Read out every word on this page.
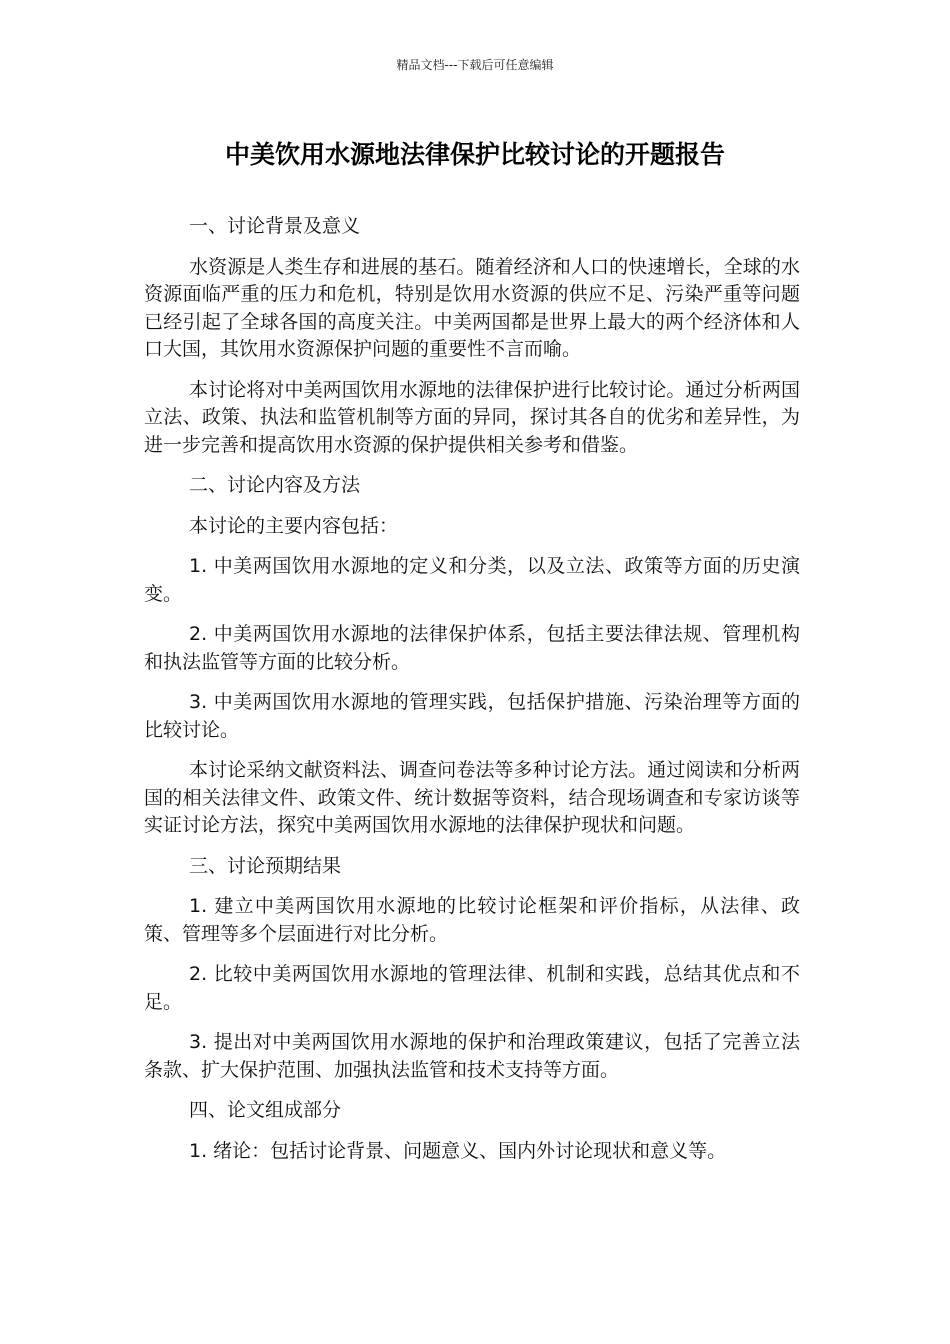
精品文档---下载后可任意编辑
中美饮用水源地法律保护比较讨论的开题报告

一、讨论背景及意义

水资源是人类生存和进展的基石。随着经济和人口的快速增长，全球的水资源面临严重的压力和危机，特别是饮用水资源的供应不足、污染严重等问题已经引起了全球各国的高度关注。中美两国都是世界上最大的两个经济体和人口大国，其饮用水资源保护问题的重要性不言而喻。

本讨论将对中美两国饮用水源地的法律保护进行比较讨论。通过分析两国立法、政策、执法和监管机制等方面的异同，探讨其各自的优劣和差异性，为进一步完善和提高饮用水资源的保护提供相关参考和借鉴。

二、讨论内容及方法

本讨论的主要内容包括：

1. 中美两国饮用水源地的定义和分类，以及立法、政策等方面的历史演变。

2. 中美两国饮用水源地的法律保护体系，包括主要法律法规、管理机构和执法监管等方面的比较分析。

3. 中美两国饮用水源地的管理实践，包括保护措施、污染治理等方面的比较讨论。

本讨论采纳文献资料法、调查问卷法等多种讨论方法。通过阅读和分析两国的相关法律文件、政策文件、统计数据等资料，结合现场调查和专家访谈等实证讨论方法，探究中美两国饮用水源地的法律保护现状和问题。

三、讨论预期结果

1. 建立中美两国饮用水源地的比较讨论框架和评价指标，从法律、政策、管理等多个层面进行对比分析。

2. 比较中美两国饮用水源地的管理法律、机制和实践，总结其优点和不足。

3. 提出对中美两国饮用水源地的保护和治理政策建议，包括了完善立法条款、扩大保护范围、加强执法监管和技术支持等方面。

四、论文组成部分

1. 绪论：包括讨论背景、问题意义、国内外讨论现状和意义等。
